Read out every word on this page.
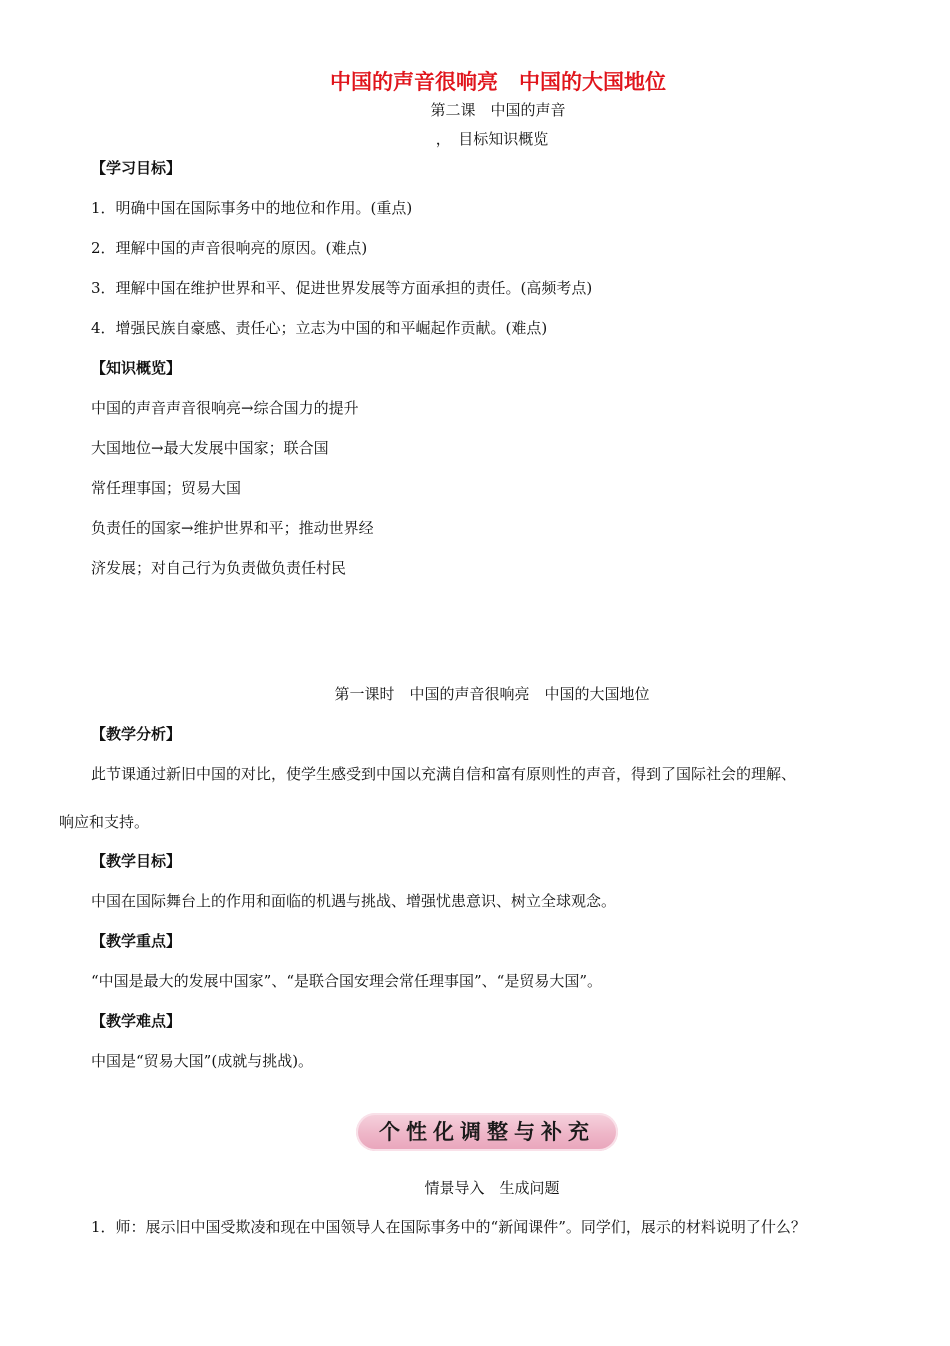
中国的声音很响亮　中国的大国地位
第二课　中国的声音
，　目标知识概览
【学习目标】
1．明确中国在国际事务中的地位和作用。(重点)
2．理解中国的声音很响亮的原因。(难点)
3．理解中国在维护世界和平、促进世界发展等方面承担的责任。(高频考点)
4．增强民族自豪感、责任心；立志为中国的和平崛起作贡献。(难点)
【知识概览】
中国的声音声音很响亮→综合国力的提升
大国地位→最大发展中国家；联合国
常任理事国；贸易大国
负责任的国家→维护世界和平；推动世界经
济发展；对自己行为负责做负责任村民
第一课时　中国的声音很响亮　中国的大国地位
【教学分析】
此节课通过新旧中国的对比，使学生感受到中国以充满自信和富有原则性的声音，得到了国际社会的理解、
响应和支持。
【教学目标】
中国在国际舞台上的作用和面临的机遇与挑战、增强忧患意识、树立全球观念。
【教学重点】
“中国是最大的发展中国家”、“是联合国安理会常任理事国”、“是贸易大国”。
【教学难点】
中国是“贸易大国”(成就与挑战)。
个性化调整与补充
情景导入　生成问题
1．师：展示旧中国受欺凌和现在中国领导人在国际事务中的“新闻课件”。同学们，展示的材料说明了什么？
